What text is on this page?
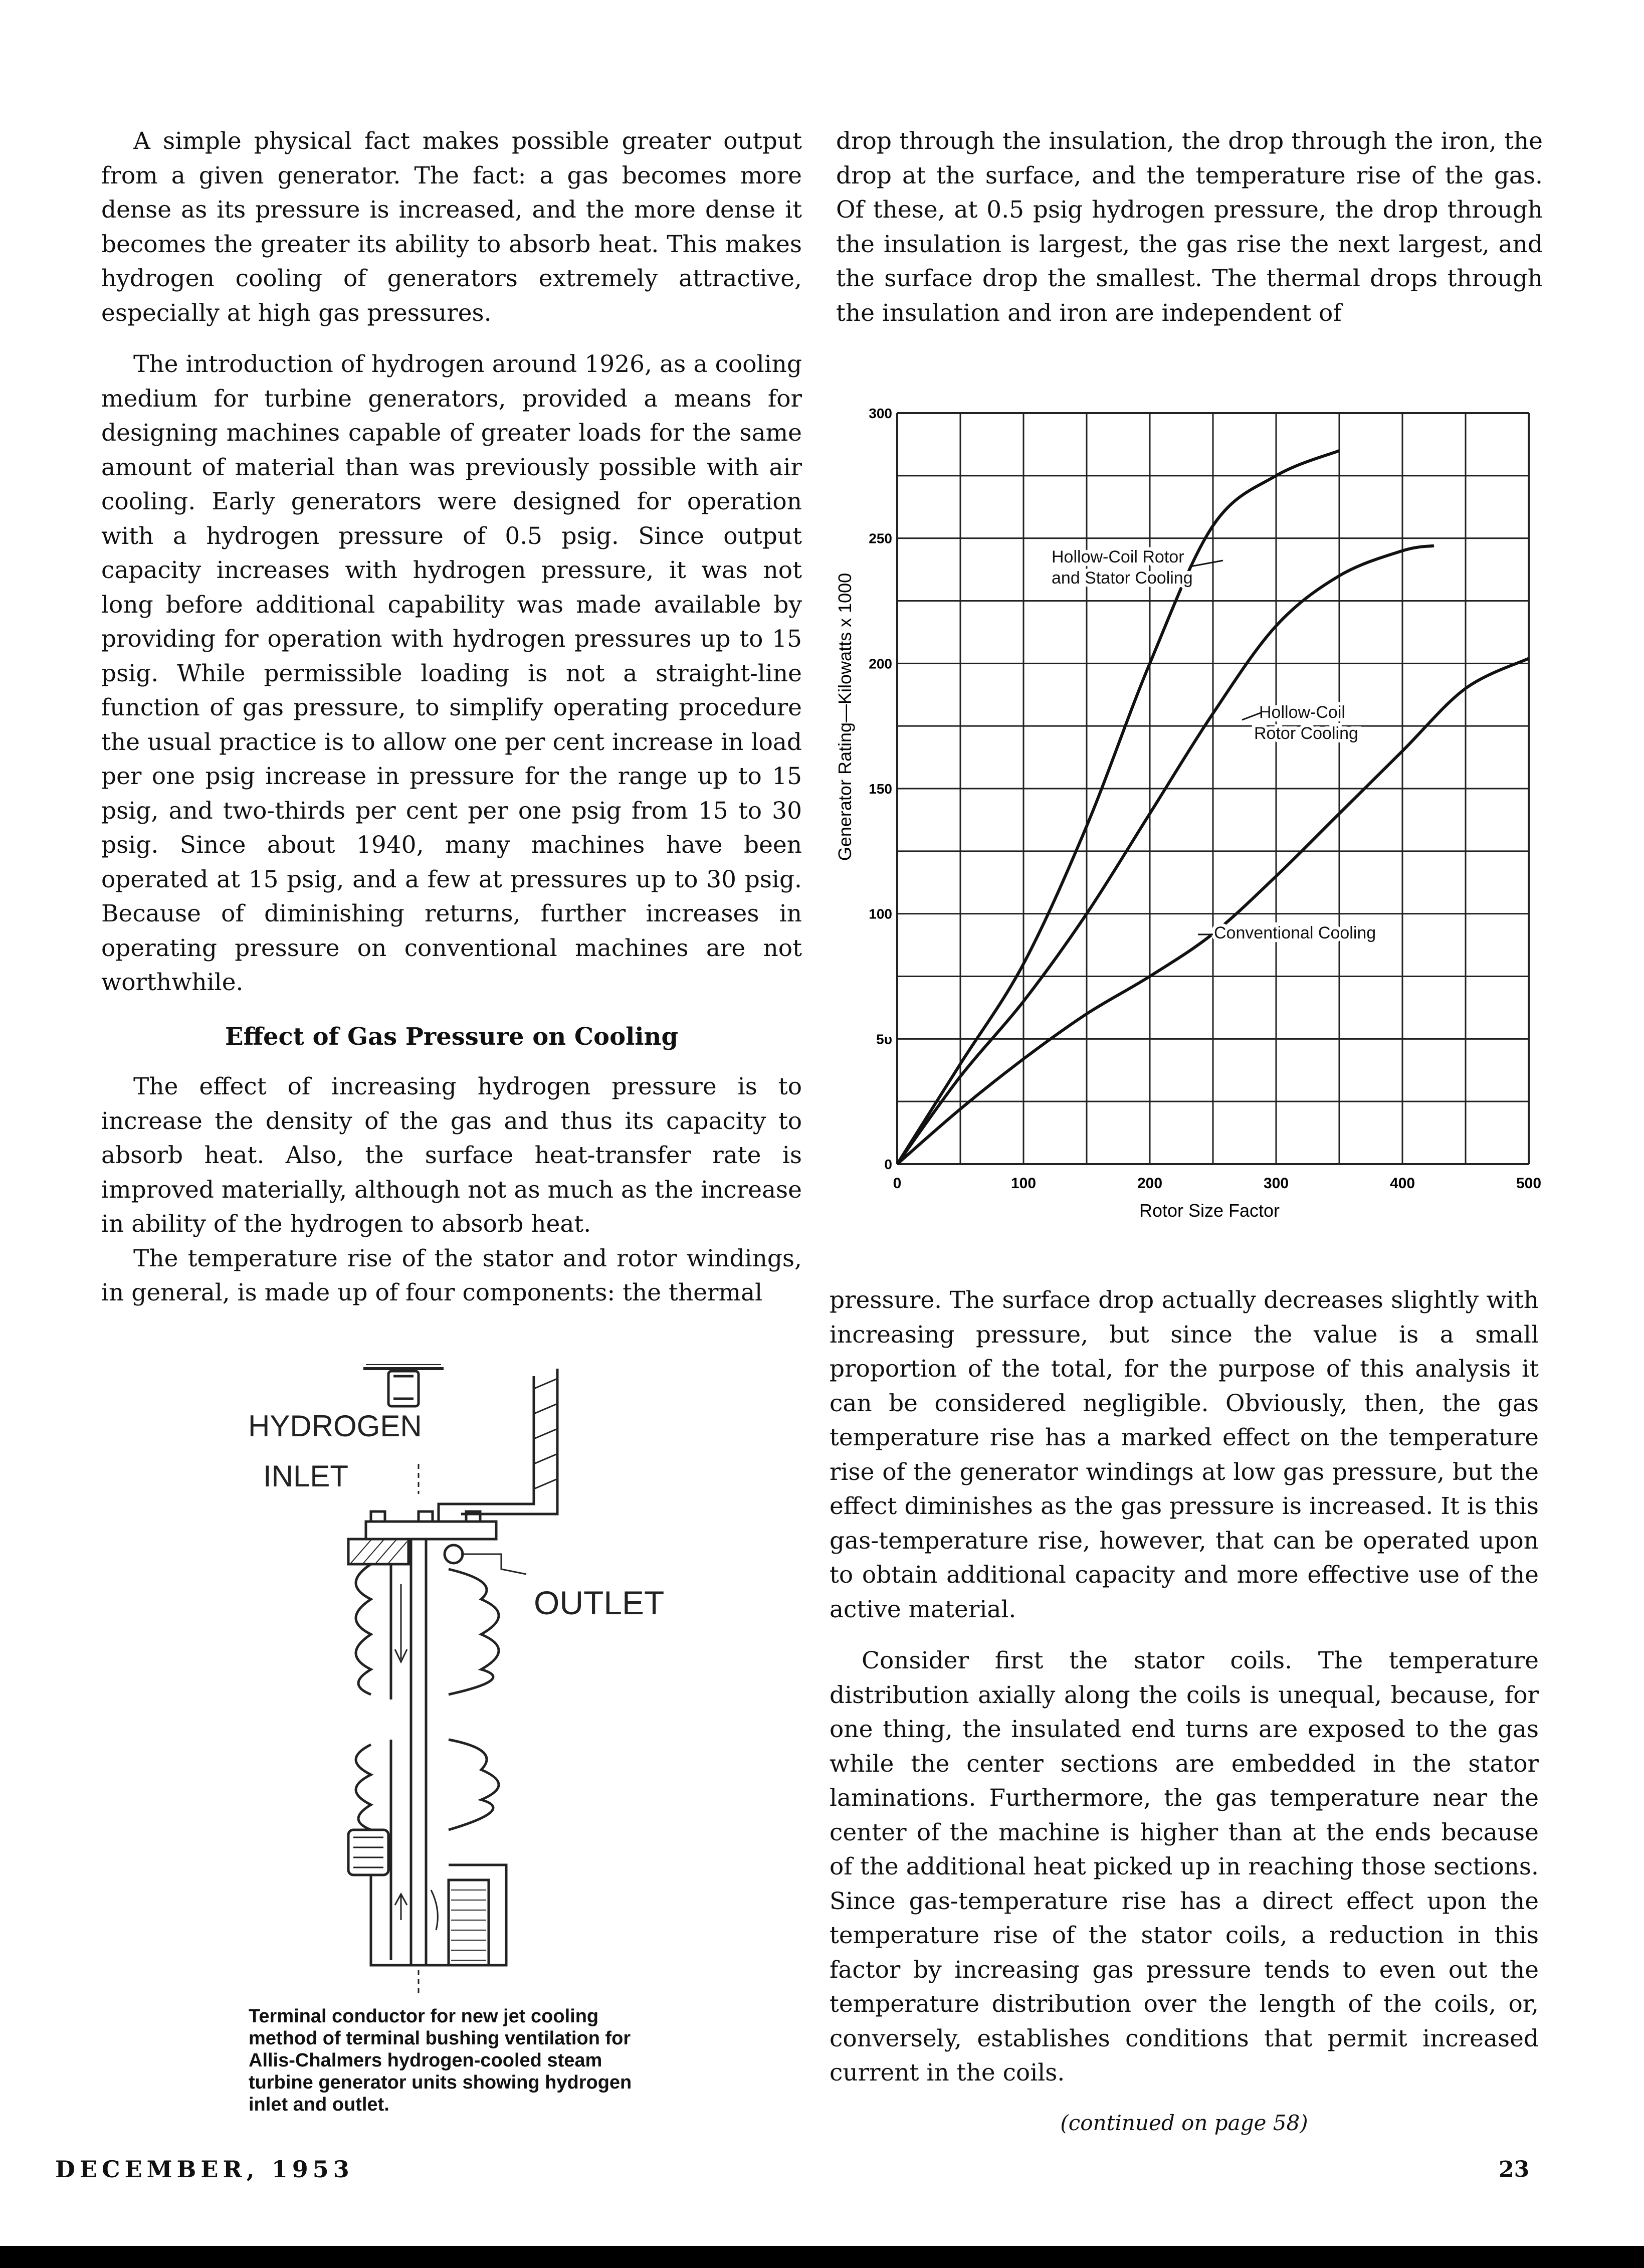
A simple physical fact makes possible greater output from a given generator. The fact: a gas becomes more dense as its pressure is increased, and the more dense it becomes the greater its ability to absorb heat. This makes hydrogen cooling of generators extremely attractive, especially at high gas pressures.

The introduction of hydrogen around 1926, as a cooling medium for turbine generators, provided a means for designing machines capable of greater loads for the same amount of material than was previously possible with air cooling. Early generators were designed for operation with a hydrogen pressure of 0.5 psig. Since output capacity increases with hydrogen pressure, it was not long before additional capability was made available by providing for operation with hydrogen pressures up to 15 psig. While permissible loading is not a straight-line function of gas pressure, to simplify operating procedure the usual practice is to allow one per cent increase in load per one psig increase in pressure for the range up to 15 psig, and two-thirds per cent per one psig from 15 to 30 psig. Since about 1940, many machines have been operated at 15 psig, and a few at pressures up to 30 psig. Because of diminishing returns, further increases in operating pressure on conventional machines are not worthwhile.

Effect of Gas Pressure on Cooling

The effect of increasing hydrogen pressure is to increase the density of the gas and thus its capacity to absorb heat. Also, the surface heat-transfer rate is improved materially, although not as much as the increase in ability of the hydrogen to absorb heat.

The temperature rise of the stator and rotor windings, in general, is made up of four components: the thermal

drop through the insulation, the drop through the iron, the drop at the surface, and the temperature rise of the gas. Of these, at 0.5 psig hydrogen pressure, the drop through the insulation is largest, the gas rise the next largest, and the surface drop the smallest. The thermal drops through the insulation and iron are independent of

0	100	200	300	400	500
0
5υ
100
150
200
250
300
Hollow-Coil Rotor
and Stator Cooling
Hollow-Coil
Rotor Cooling
Conventional Cooling
Rotor Size Factor
Generator Rating—Kilowatts x 1000

pressure. The surface drop actually decreases slightly with increasing pressure, but since the value is a small proportion of the total, for the purpose of this analysis it can be considered negligible. Obviously, then, the gas temperature rise has a marked effect on the temperature rise of the generator windings at low gas pressure, but the effect diminishes as the gas pressure is increased. It is this gas-temperature rise, however, that can be operated upon to obtain additional capacity and more effective use of the active material.

Consider first the stator coils. The temperature distribution axially along the coils is unequal, because, for one thing, the insulated end turns are exposed to the gas while the center sections are embedded in the stator laminations. Furthermore, the gas temperature near the center of the machine is higher than at the ends because of the additional heat picked up in reaching those sections. Since gas-temperature rise has a direct effect upon the temperature rise of the stator coils, a reduction in this factor by increasing gas pressure tends to even out the temperature distribution over the length of the coils, or, conversely, establishes conditions that permit increased current in the coils.

(continued on page 58)
HYDROGEN
INLET
OUTLET
Terminal conductor for new jet cooling method of terminal bushing ventilation for Allis-Chalmers hydrogen-cooled steam turbine generator units showing hydrogen inlet and outlet.
DECEMBER, 1953	23
